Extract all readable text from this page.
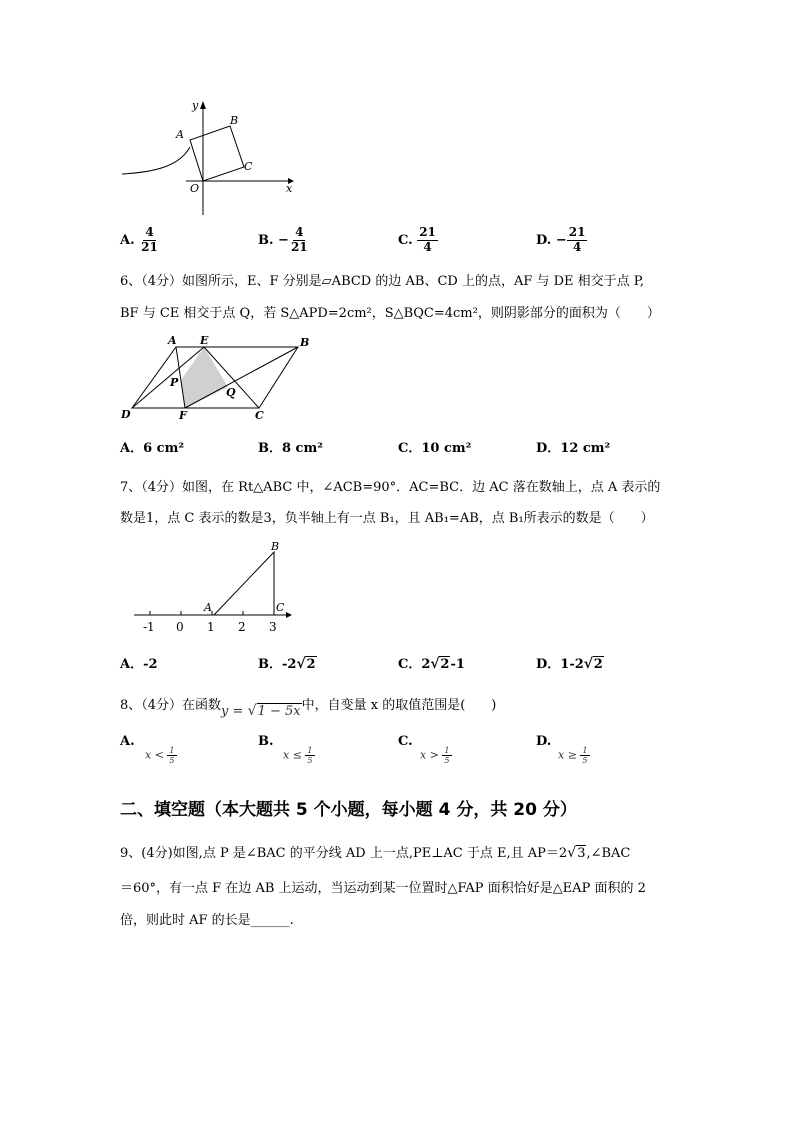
y
A
B
C
O	x
A. $\frac{4}{21}$	B. − $\frac{4}{21}$	C. $\frac{21}{4}$	D. − $\frac{21}{4}$
6、（4分）如图所示，E、F 分别是▱ABCD 的边 AB、CD 上的点，AF 与 DE 相交于点 P,
BF 与 CE 相交于点 Q，若 S△APD=2cm²，S△BQC=4cm²，则阴影部分的面积为（　　）
A E	B
P
Q
D	F	C
A．6 cm²	B．8 cm²	C．10 cm²	D．12 cm²
7、（4分）如图，在 Rt△ABC 中，∠ACB=90°．AC=BC．边 AC 落在数轴上，点 A 表示的
数是1，点 C 表示的数是3，负半轴上有一点 B₁，且 AB₁=AB，点 B₁所表示的数是（　　）
B
A	C
-1 0 1 2 3
A．-2	B．-2 √ 2	C．2 √ 2-1	D．1-2 √ 2
8、（4分）在函数y = √ 1 − 5x中，自变量 x 的取值范围是(　　)
A.
$x < \frac{1}{5}$
B.
$x \le \frac{1}{5}$
C.
$x > \frac{1}{5}$
D.
$x \ge \frac{1}{5}$
二、填空题（本大题共 5 个小题，每小题 4 分，共 20 分）
9、(4分)如图,点 P 是∠BAC 的平分线 AD 上一点,PE⊥AC 于点 E,且 AP＝2 √ 3,∠BAC
＝60°，有一点 F 在边 AB 上运动，当运动到某一位置时△FAP 面积恰好是△EAP 面积的 2
倍，则此时 AF 的长是______.
